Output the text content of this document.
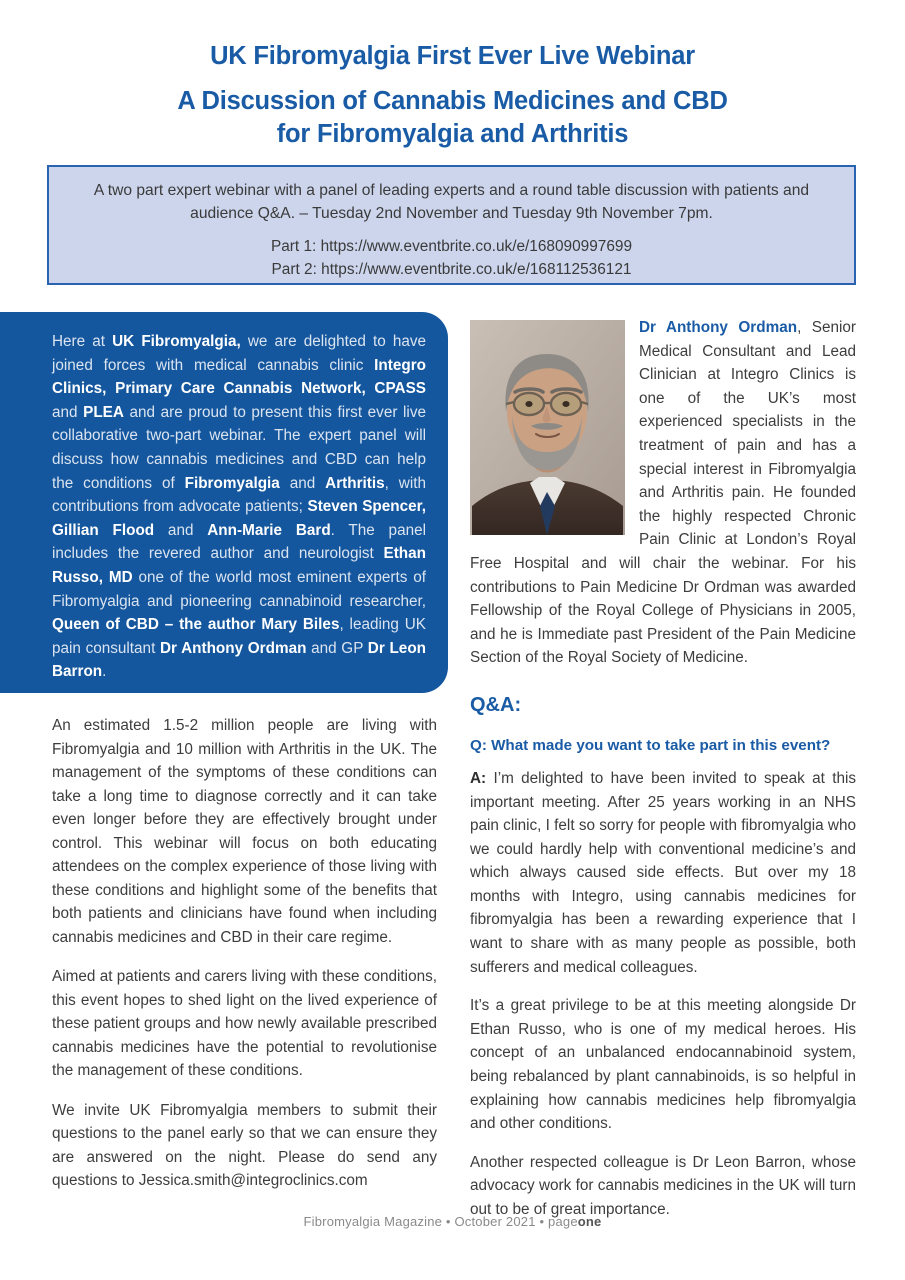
UK Fibromyalgia First Ever Live Webinar
A Discussion of Cannabis Medicines and CBD
for Fibromyalgia and Arthritis
A two part expert webinar with a panel of leading experts and a round table discussion with patients and audience Q&A. – Tuesday 2nd November and Tuesday 9th November 7pm.
Part 1: https://www.eventbrite.co.uk/e/168090997699
Part 2: https://www.eventbrite.co.uk/e/168112536121
Here at UK Fibromyalgia, we are delighted to have joined forces with medical cannabis clinic Integro Clinics, Primary Care Cannabis Network, CPASS and PLEA and are proud to present this first ever live collaborative two-part webinar. The expert panel will discuss how cannabis medicines and CBD can help the conditions of Fibromyalgia and Arthritis, with contributions from advocate patients; Steven Spencer, Gillian Flood and Ann-Marie Bard. The panel includes the revered author and neurologist Ethan Russo, MD one of the world most eminent experts of Fibromyalgia and pioneering cannabinoid researcher, Queen of CBD – the author Mary Biles, leading UK pain consultant Dr Anthony Ordman and GP Dr Leon Barron.

An estimated 1.5-2 million people are living with Fibromyalgia and 10 million with Arthritis in the UK. The management of the symptoms of these conditions can take a long time to diagnose correctly and it can take even longer before they are effectively brought under control. This webinar will focus on both educating attendees on the complex experience of those living with these conditions and highlight some of the benefits that both patients and clinicians have found when including cannabis medicines and CBD in their care regime.

Aimed at patients and carers living with these conditions, this event hopes to shed light on the lived experience of these patient groups and how newly available prescribed cannabis medicines have the potential to revolutionise the management of these conditions.

We invite UK Fibromyalgia members to submit their questions to the panel early so that we can ensure they are answered on the night. Please do send any questions to Jessica.smith@integroclinics.com

Dr Anthony Ordman, Senior Medical Consultant and Lead Clinician at Integro Clinics is one of the UK’s most experienced specialists in the treatment of pain and has a special interest in Fibromyalgia and Arthritis pain. He founded the highly respected Chronic Pain Clinic at London’s Royal Free Hospital and will chair the webinar. For his contributions to Pain Medicine Dr Ordman was awarded Fellowship of the Royal College of Physicians in 2005, and he is Immediate past President of the Pain Medicine Section of the Royal Society of Medicine.
Q&A:
Q: What made you want to take part in this event?
A: I’m delighted to have been invited to speak at this important meeting. After 25 years working in an NHS pain clinic, I felt so sorry for people with fibromyalgia who we could hardly help with conventional medicine’s and which always caused side effects. But over my 18 months with Integro, using cannabis medicines for fibromyalgia has been a rewarding experience that I want to share with as many people as possible, both sufferers and medical colleagues.
It’s a great privilege to be at this meeting alongside Dr Ethan Russo, who is one of my medical heroes. His concept of an unbalanced endocannabinoid system, being rebalanced by plant cannabinoids, is so helpful in explaining how cannabis medicines help fibromyalgia and other conditions.
Another respected colleague is Dr Leon Barron, whose advocacy work for cannabis medicines in the UK will turn out to be of great importance.
Fibromyalgia Magazine • October 2021 • pageone
